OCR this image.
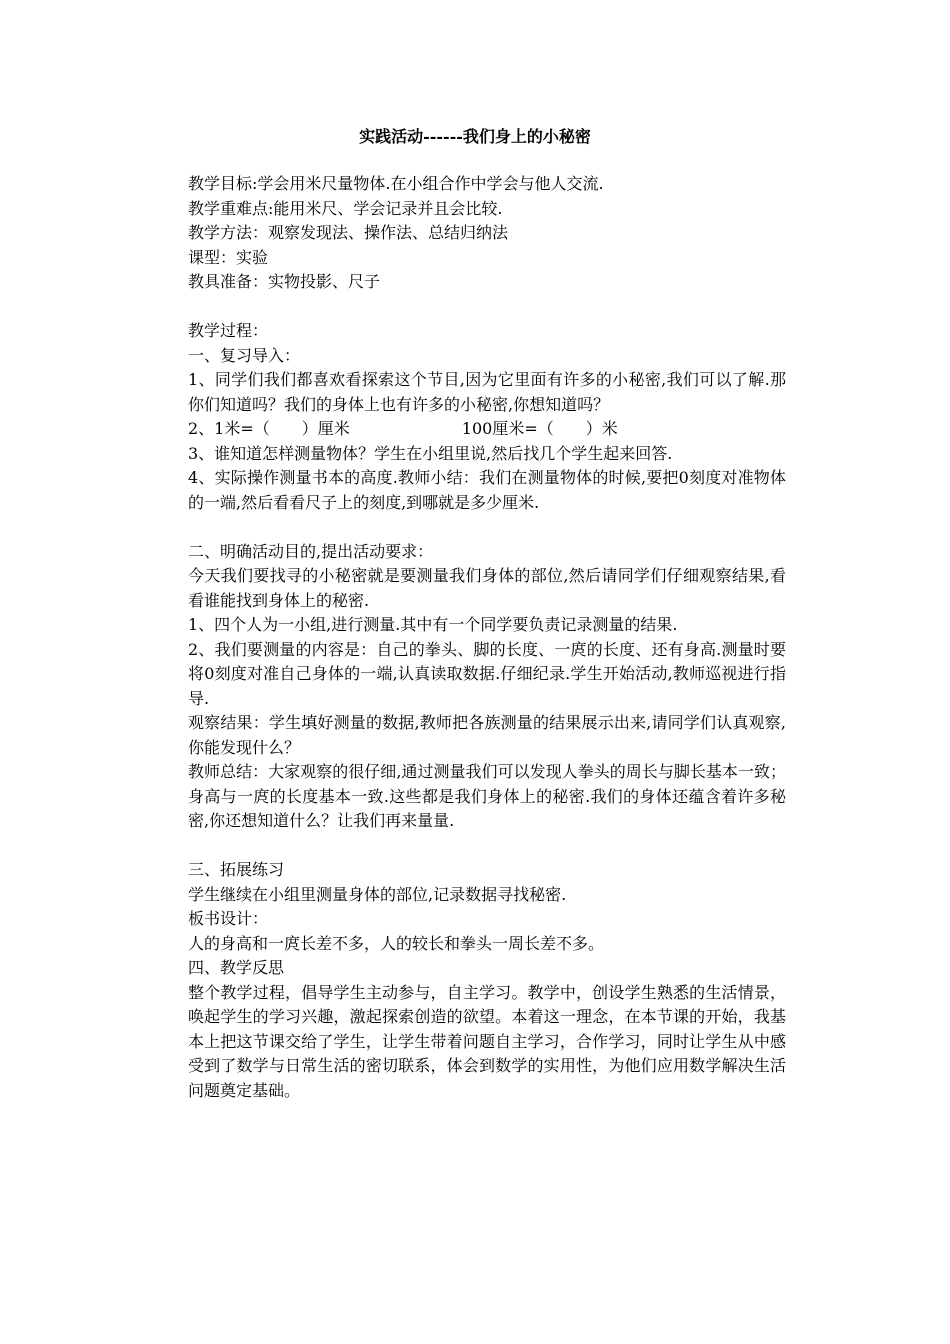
实践活动------我们身上的小秘密

教学目标:学会用米尺量物体.在小组合作中学会与他人交流.

教学重难点:能用米尺、学会记录并且会比较.

教学方法：观察发现法、操作法、总结归纳法

课型：实验

教具准备：实物投影、尺子

教学过程：

一、复习导入：

1、同学们我们都喜欢看探索这个节目,因为它里面有许多的小秘密,我们可以了解.那你们知道吗？我们的身体上也有许多的小秘密,你想知道吗？

2、1米=（　　）厘米	100厘米=（　　）米

3、谁知道怎样测量物体？学生在小组里说,然后找几个学生起来回答.

4、实际操作测量书本的高度.教师小结：我们在测量物体的时候,要把0刻度对准物体的一端,然后看看尺子上的刻度,到哪就是多少厘米.

二、明确活动目的,提出活动要求：

今天我们要找寻的小秘密就是要测量我们身体的部位,然后请同学们仔细观察结果,看看谁能找到身体上的秘密.

1、四个人为一小组,进行测量.其中有一个同学要负责记录测量的结果.

2、我们要测量的内容是：自己的拳头、脚的长度、一庹的长度、还有身高.测量时要将0刻度对准自己身体的一端,认真读取数据.仔细纪录.学生开始活动,教师巡视进行指导.

观察结果：学生填好测量的数据,教师把各族测量的结果展示出来,请同学们认真观察,你能发现什么？

教师总结：大家观察的很仔细,通过测量我们可以发现人拳头的周长与脚长基本一致；身高与一庹的长度基本一致.这些都是我们身体上的秘密.我们的身体还蕴含着许多秘密,你还想知道什么？让我们再来量量.

三、拓展练习

学生继续在小组里测量身体的部位,记录数据寻找秘密.

板书设计：

人的身高和一庹长差不多，人的较长和拳头一周长差不多。

四、教学反思

整个教学过程，倡导学生主动参与，自主学习。教学中，创设学生熟悉的生活情景，唤起学生的学习兴趣，激起探索创造的欲望。本着这一理念，在本节课的开始，我基本上把这节课交给了学生，让学生带着问题自主学习，合作学习，同时让学生从中感受到了数学与日常生活的密切联系，体会到数学的实用性，为他们应用数学解决生活问题奠定基础。
